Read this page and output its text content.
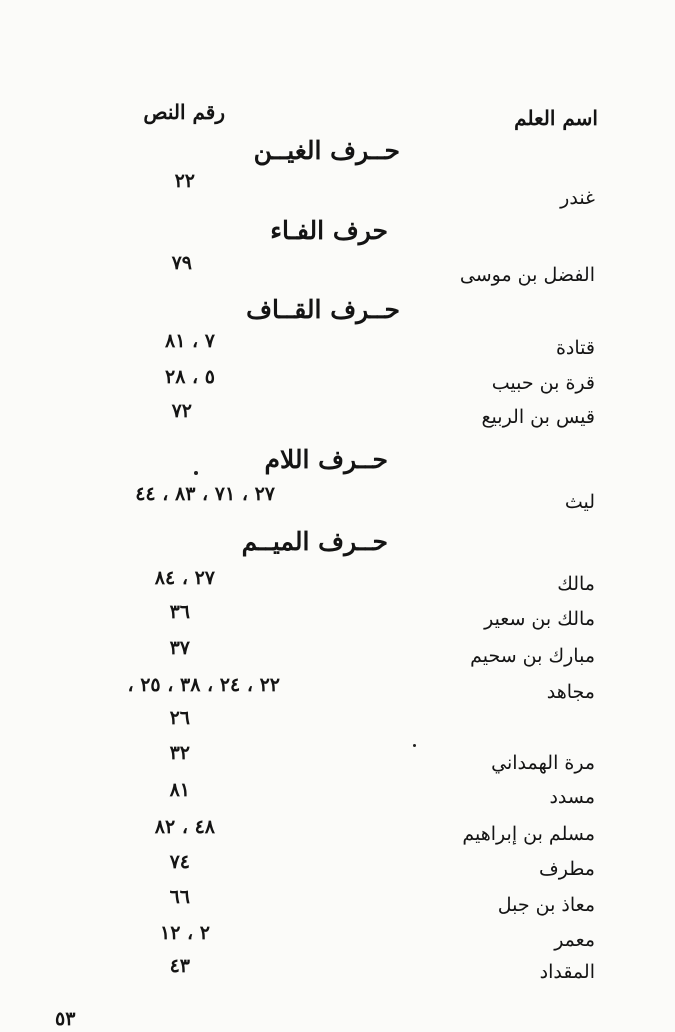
اسم العلم
رقم النص
حــرف الغيــن
غندر
٢٢
حرف الفـاء
الفضل بن موسى
٧٩
حــرف القــاف
قتادة
٧ ، ٨١
قرة بن حبيب
٥ ، ٢٨
قيس بن الربيع
٧٢
حــرف اللام
ليث
٢٧ ، ٧١ ، ٨٣ ، ٤٤
حــرف الميــم
مالك
٢٧ ، ٨٤
مالك بن سعير
٣٦
مبارك بن سحيم
٣٧
مجاهد
٢٢ ، ٢٤ ، ٣٨ ، ٢٥ ،
٢٦
مرة الهمداني
٣٢
مسدد
٨١
مسلم بن إبراهيم
٤٨ ، ٨٢
مطرف
٧٤
معاذ بن جبل
٦٦
معمر
٢ ، ١٢
المقداد
٤٣
٥٣
